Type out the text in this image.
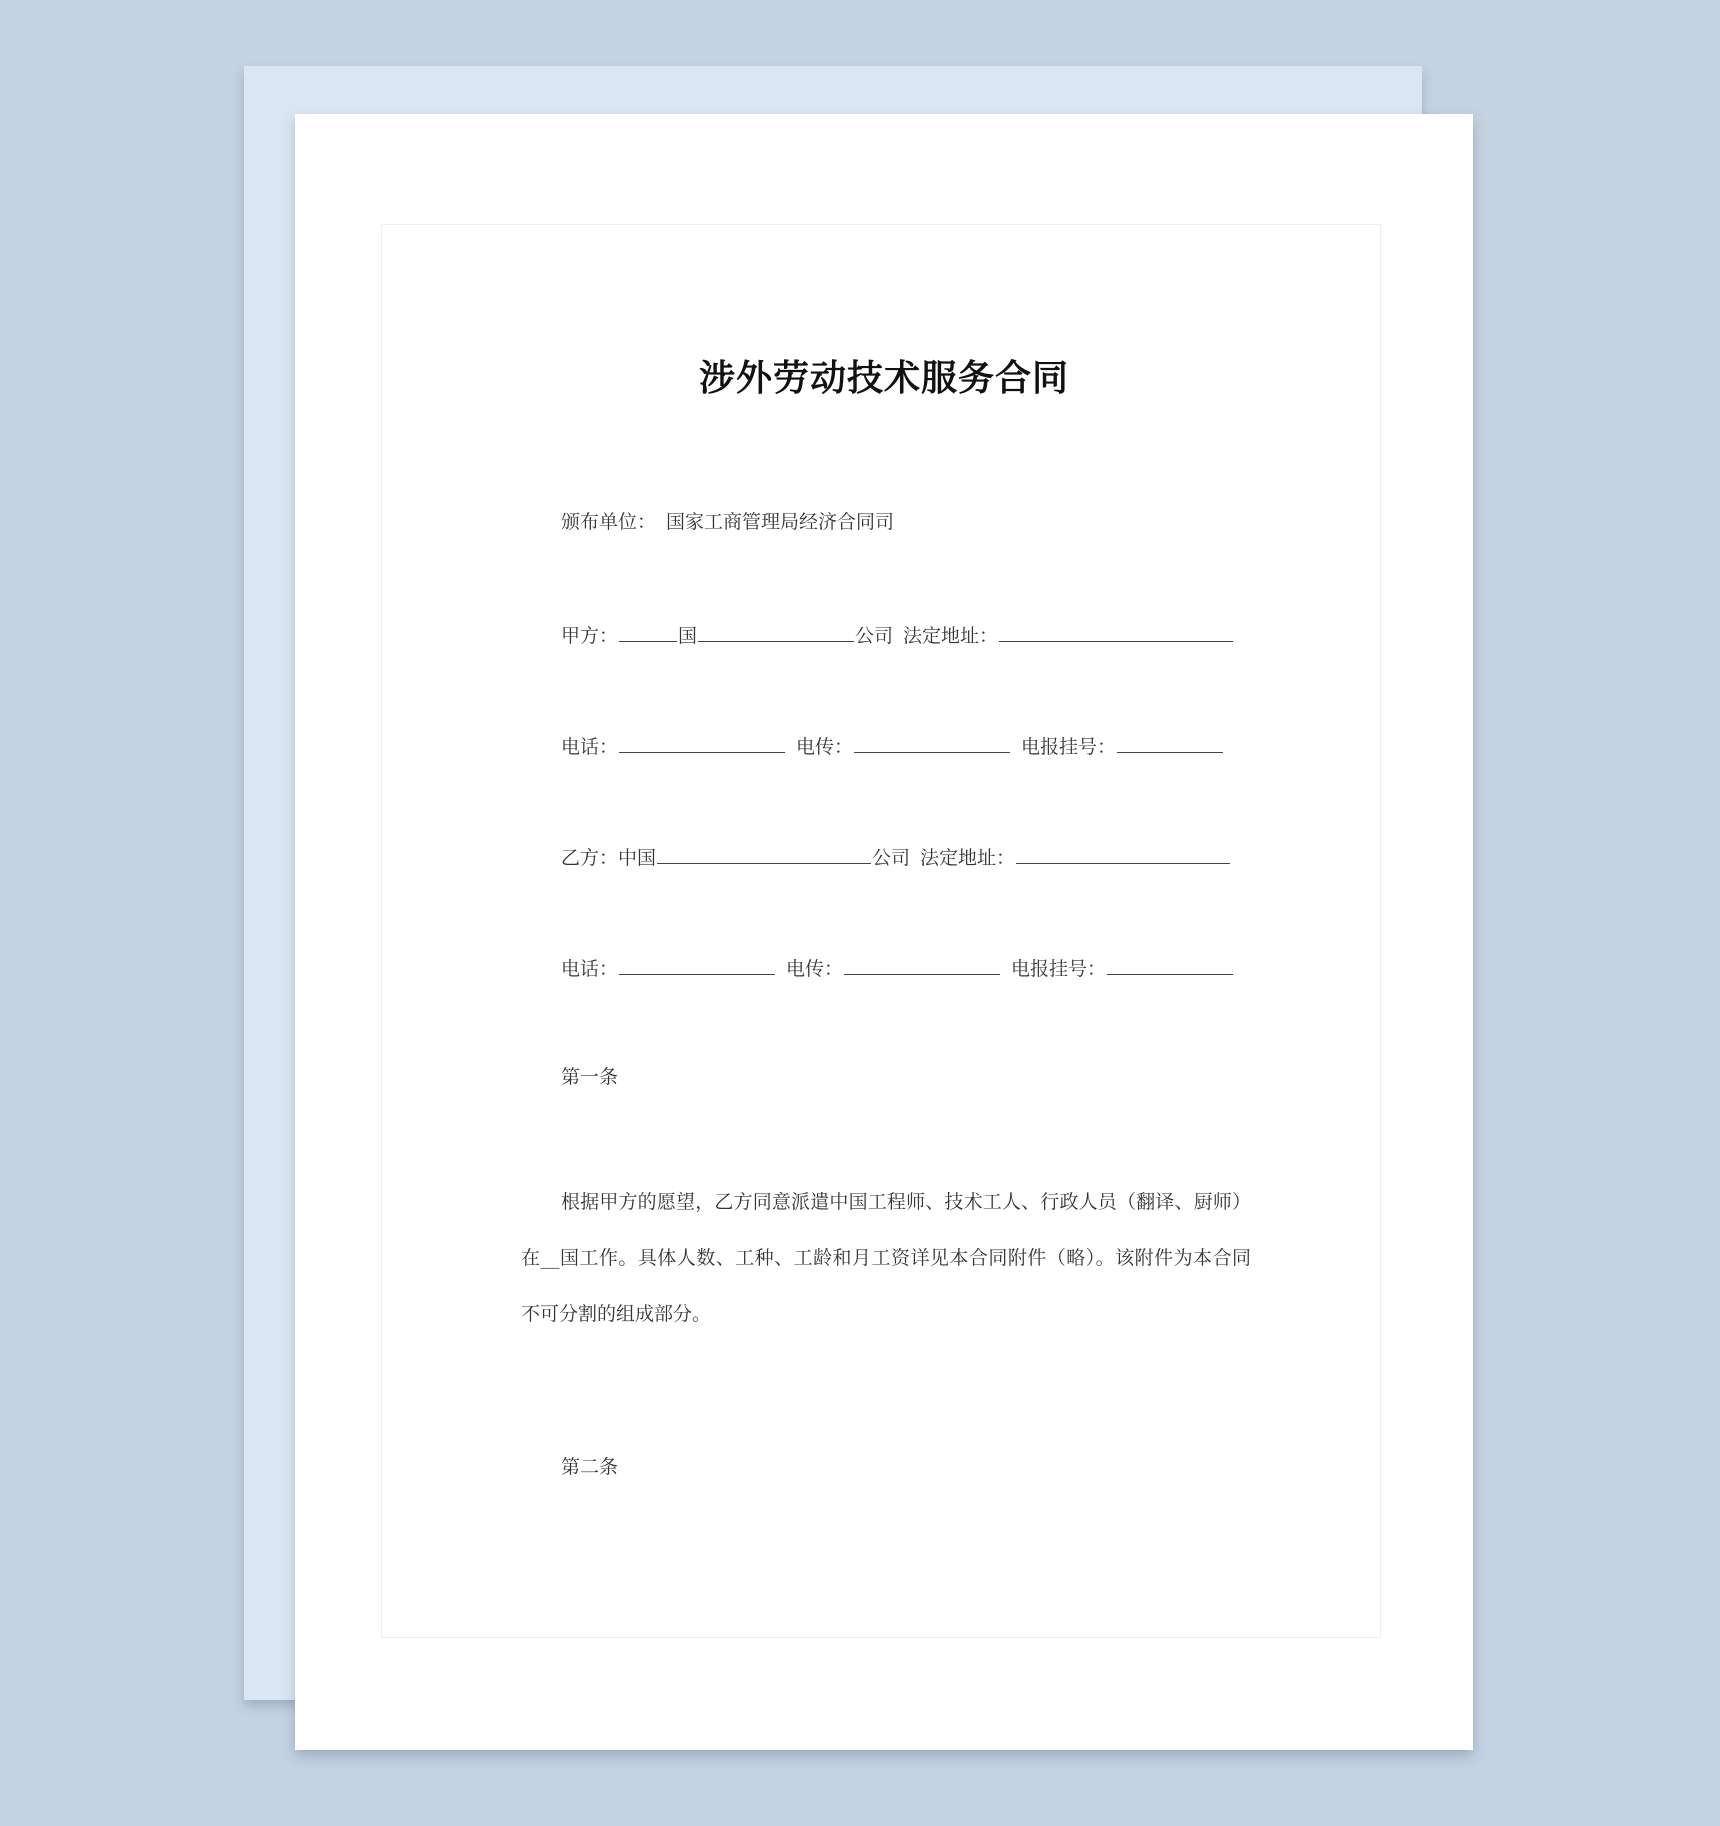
涉外劳动技术服务合同
颁布单位： 国家工商管理局经济合同司
甲方：	国	公司 法定地址：
电话：	电传：	电报挂号：
乙方：中国	公司 法定地址：
电话：	电传：	电报挂号：
第一条

根据甲方的愿望，乙方同意派遣中国工程师、技术工人、行政人员（翻译、厨师）在__国工作。具体人数、工种、工龄和月工资详见本合同附件（略）。该附件为本合同不可分割的组成部分。

第二条
